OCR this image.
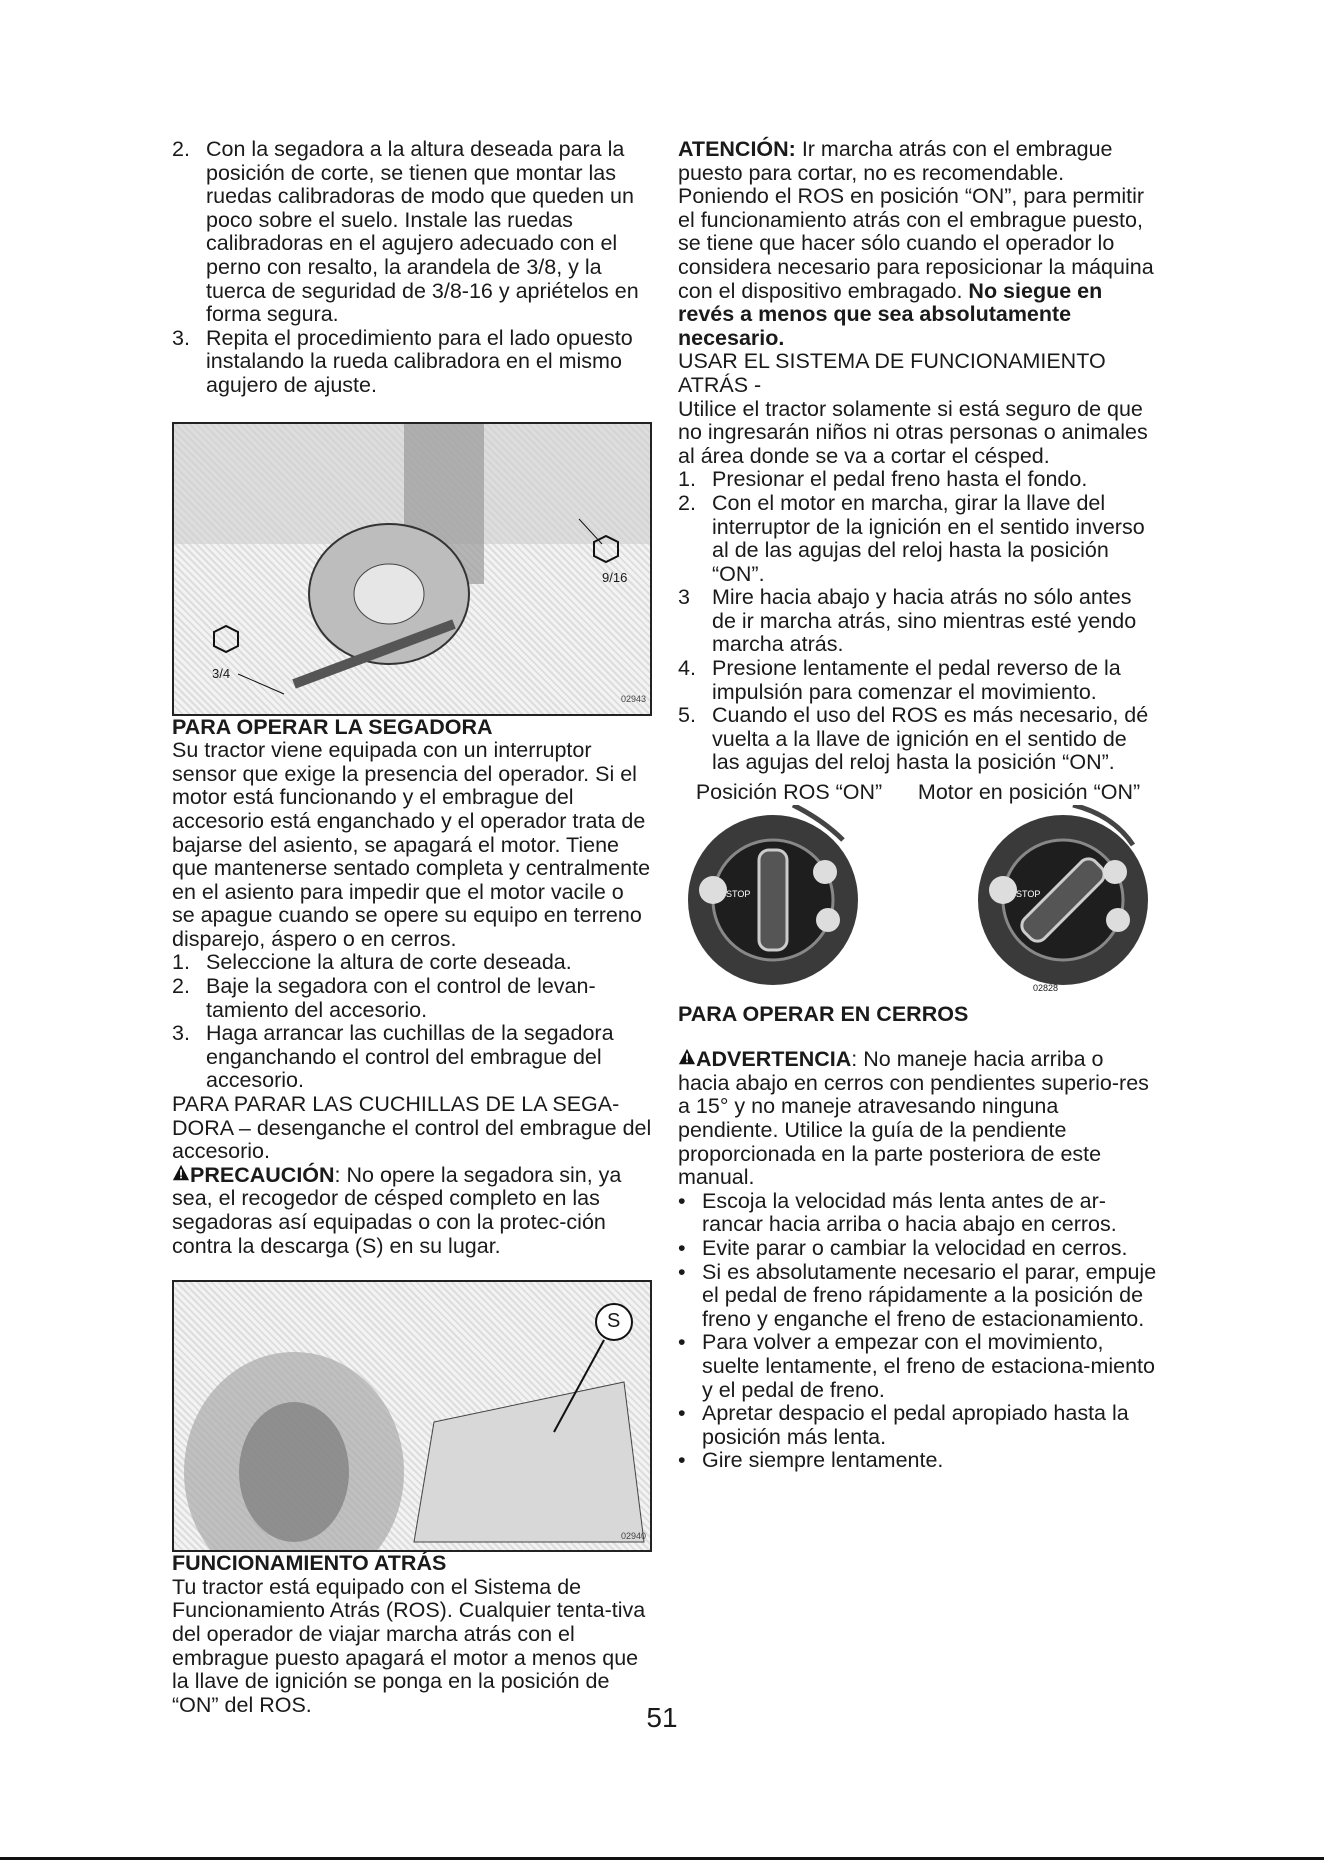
2. Con la segadora a la altura deseada para la posición de corte, se tienen que montar las ruedas calibradoras de modo que queden un poco sobre el suelo. Instale las ruedas calibradoras en el agujero adecuado con el perno con resalto, la arandela de 3/8, y la tuerca de seguridad de 3/8-16 y apriételos en forma segura.
3. Repita el procedimiento para el lado opuesto instalando la rueda calibradora en el mismo agujero de ajuste.
9/16
3/4
02943

PARA OPERAR LA SEGADORA

Su tractor viene equipada con un interruptor sensor que exige la presencia del operador. Si el motor está funcionando y el embrague del accesorio está enganchado y el operador trata de bajarse del asiento, se apagará el motor. Tiene que mantenerse sentado completa y centralmente en el asiento para impedir que el motor vacile o se apague cuando se opere su equipo en terreno disparejo, áspero o en cerros.

1. Seleccione la altura de corte deseada.
2. Baje la segadora con el control de levan-tamiento del accesorio.
3. Haga arrancar las cuchillas de la segadora enganchando el control del embrague del accesorio.

PARA PARAR LAS CUCHILLAS DE LA SEGA-DORA – desenganche el control del embrague del accesorio.

PRECAUCIÓN: No opere la segadora sin, ya sea, el recogedor de césped completo en las segadoras así equipadas o con la protec-ción contra la descarga (S) en su lugar.

S
02940

FUNCIONAMIENTO ATRÁS

Tu tractor está equipado con el Sistema de Funcionamiento Atrás (ROS). Cualquier tenta-tiva del operador de viajar marcha atrás con el embrague puesto apagará el motor a menos que la llave de ignición se ponga en la posición de “ON” del ROS.

ATENCIÓN: Ir marcha atrás con el embrague puesto para cortar, no es recomendable. Poniendo el ROS en posición “ON”, para permitir el funcionamiento atrás con el embrague puesto, se tiene que hacer sólo cuando el operador lo considera necesario para reposicionar la máquina con el dispositivo embragado. No siegue en revés a menos que sea absolutamente necesario.

USAR EL SISTEMA DE FUNCIONAMIENTO ATRÁS -

Utilice el tractor solamente si está seguro de que no ingresarán niños ni otras personas o animales al área donde se va a cortar el césped.

1. Presionar el pedal freno hasta el fondo.
2. Con el motor en marcha, girar la llave del interruptor de la ignición en el sentido inverso al de las agujas del reloj hasta la posición “ON”.
3	Mire hacia abajo y hacia atrás no sólo antes de ir marcha atrás, sino mientras esté yendo marcha atrás.
4. Presione lentamente el pedal reverso de la impulsión para comenzar el movimiento.
5. Cuando el uso del ROS es más necesario, dé vuelta a la llave de ignición en el sentido de las agujas del reloj hasta la posición “ON”.
Posición ROS “ON” Motor en posición “ON”
STOP	STOP
02828

PARA OPERAR EN CERROS

ADVERTENCIA: No maneje hacia arriba o hacia abajo en cerros con pendientes superio-res a 15° y no maneje atravesando ninguna pendiente. Utilice la guía de la pendiente proporcionada en la parte posteriora de este manual.

• Escoja la velocidad más lenta antes de ar-rancar hacia arriba o hacia abajo en cerros.
• Evite parar o cambiar la velocidad en cerros.
• Si es absolutamente necesario el parar, empuje el pedal de freno rápidamente a la posición de freno y enganche el freno de estacionamiento.
• Para volver a empezar con el movimiento, suelte lentamente, el freno de estaciona-miento y el pedal de freno.
• Apretar despacio el pedal apropiado hasta la posición más lenta.
• Gire siempre lentamente.
51
